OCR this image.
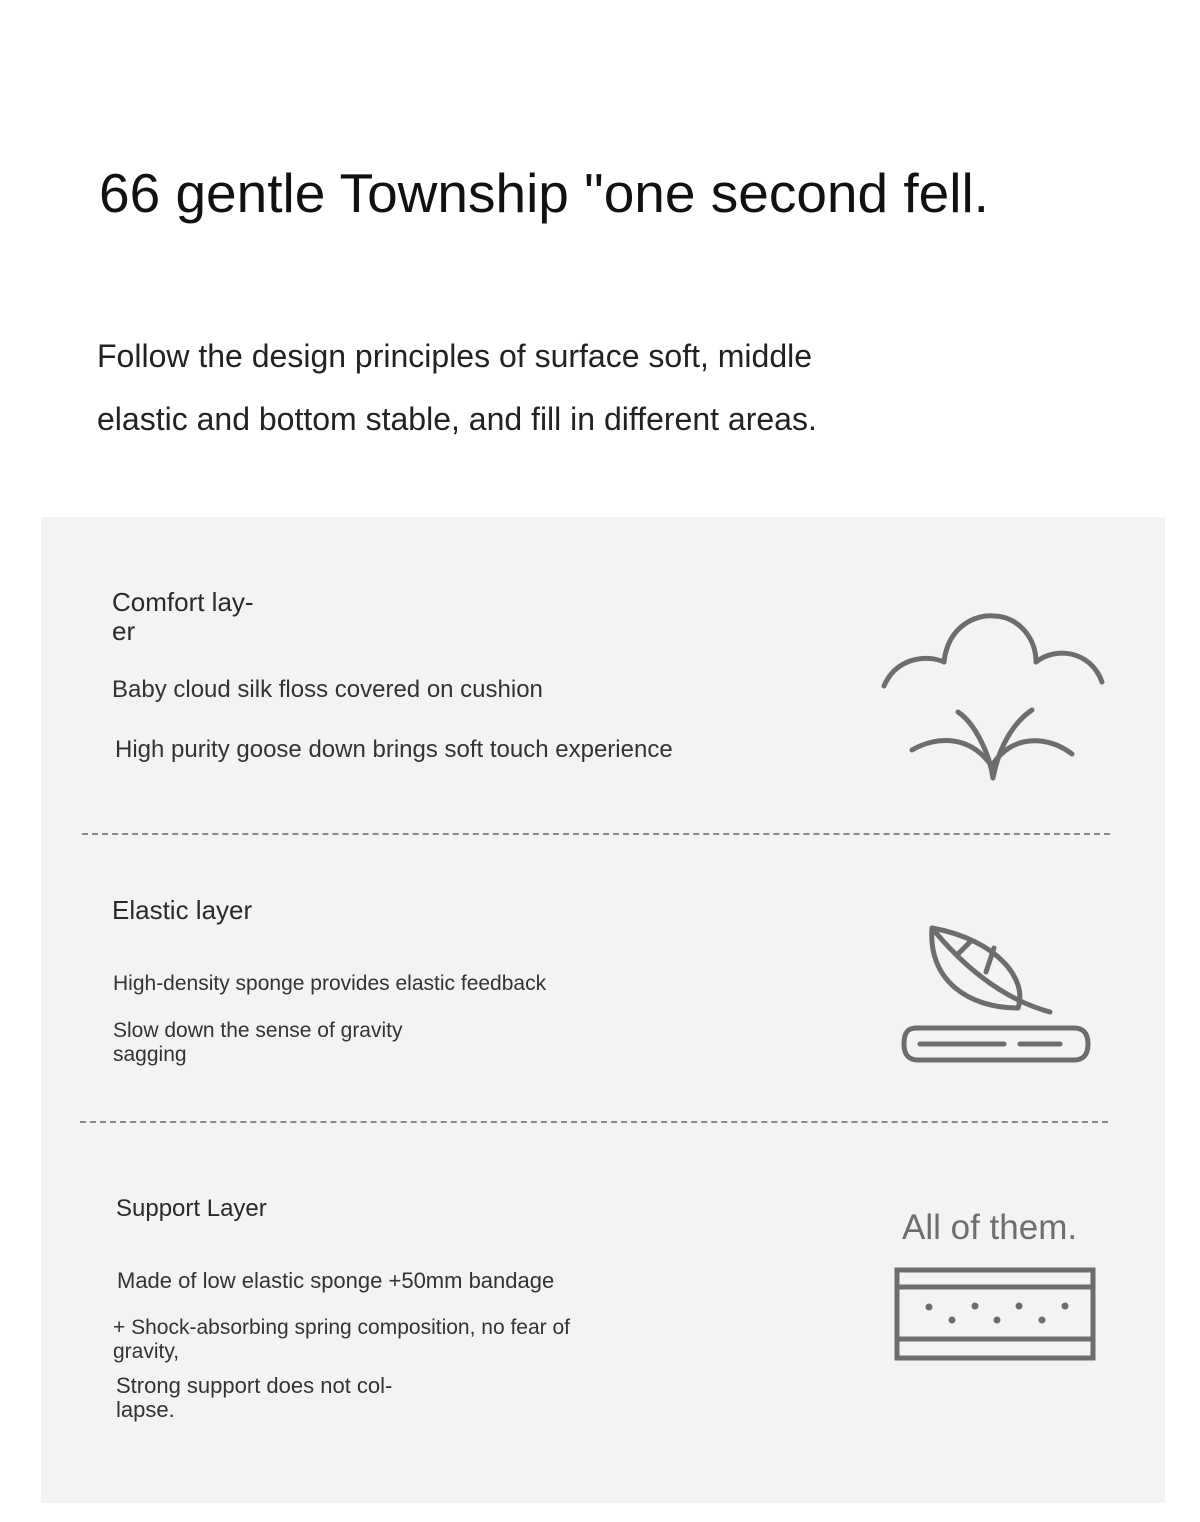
66 gentle Township "one second fell.
Follow the design principles of surface soft, middle
elastic and bottom stable, and fill in different areas.
Comfort lay-
er
Baby cloud silk floss covered on cushion
High purity goose down brings soft touch experience
Elastic layer
High-density sponge provides elastic feedback
Slow down the sense of gravity
sagging
Support Layer
Made of low elastic sponge +50mm bandage
+ Shock-absorbing spring composition, no fear of
gravity,
Strong support does not col-
lapse.
All of them.
